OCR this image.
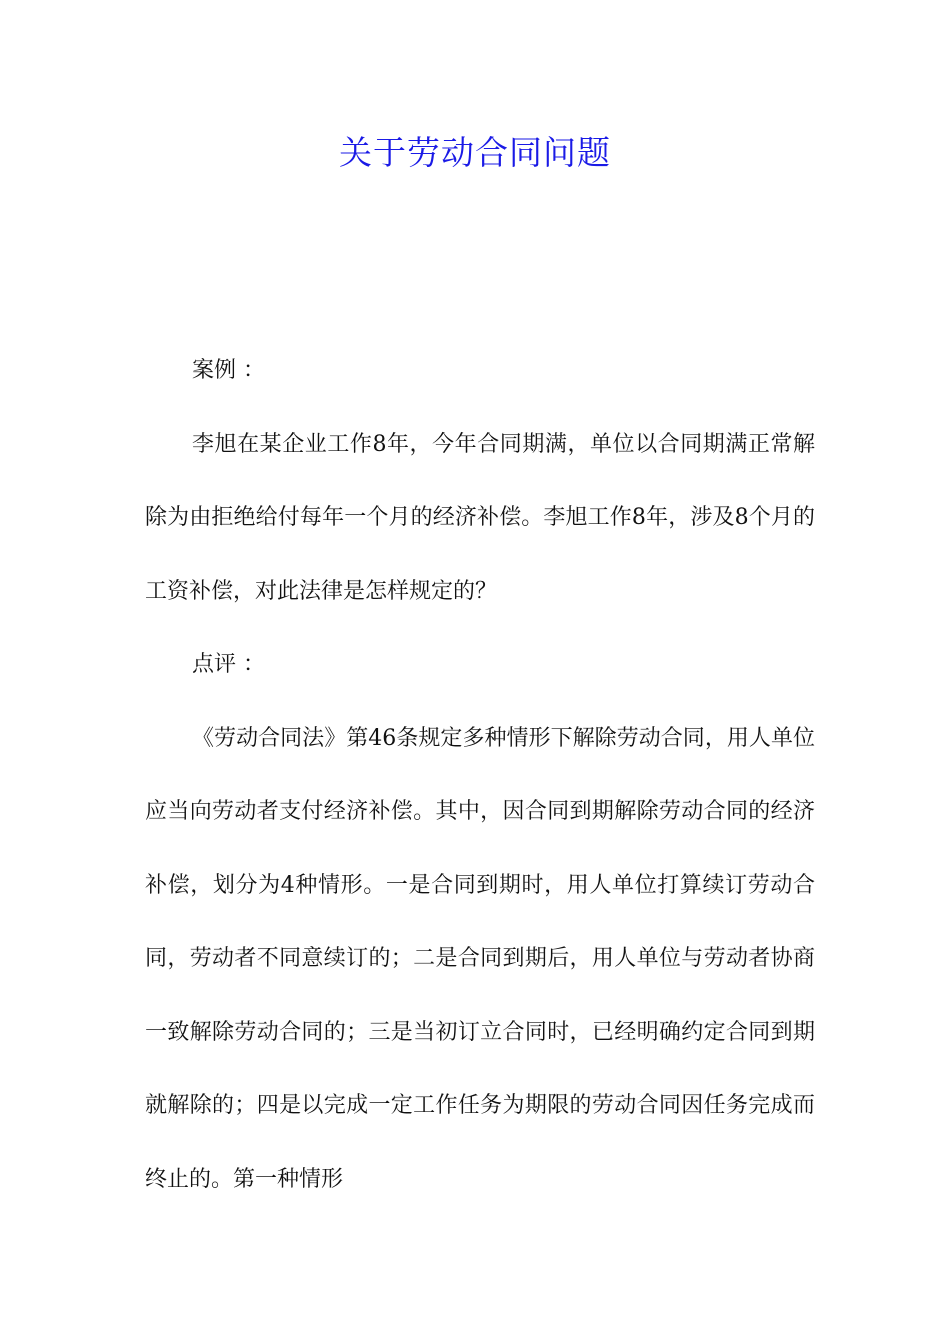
关于劳动合同问题

案例 ：

李旭在某企业工作8年，今年合同期满，单位以合同期满正常解除为由拒绝给付每年一个月的经济补偿。李旭工作8年，涉及8个月的工资补偿，对此法律是怎样规定的？

点评 ：

《劳动合同法》第46条规定多种情形下解除劳动合同，用人单位应当向劳动者支付经济补偿。其中，因合同到期解除劳动合同的经济补偿，划分为4种情形。一是合同到期时，用人单位打算续订劳动合同，劳动者不同意续订的；二是合同到期后，用人单位与劳动者协商一致解除劳动合同的；三是当初订立合同时，已经明确约定合同到期就解除的；四是以完成一定工作任务为期限的劳动合同因任务完成而终止的。第一种情形
